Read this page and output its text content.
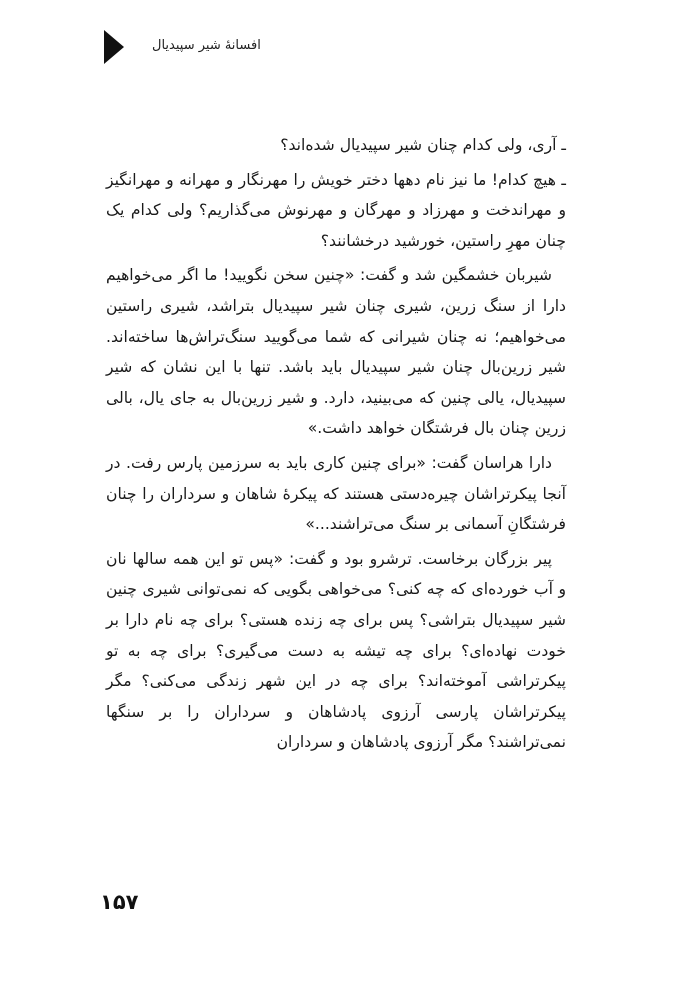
افسانهٔ شیر سپیدیال

ـ آری، ولی کدام چنان شیر سپیدیال شده‌اند؟

ـ هیچ کدام! ما نیز نام دهها دختر خویش را مهرنگار و مهرانه و مهرانگیز و مهراندخت و مهرزاد و مهرگان و مهرنوش می‌گذاریم؟ ولی کدام یک چنان مهرِ راستین، خورشید درخشانند؟

شیربان خشمگین شد و گفت: «چنین سخن نگویید! ما اگر می‌خواهیم دارا از سنگ زرین، شیری چنان شیر سپیدیال بتراشد، شیری راستین می‌خواهیم؛ نه چنان شیرانی که شما می‌گویید سنگ‌تراش‌ها ساخته‌اند. شیر زرین‌بال چنان شیر سپیدیال باید باشد. تنها با این نشان که شیر سپیدیال، یالی چنین که می‌بینید، دارد. و شیر زرین‌بال به جای یال، بالی زرین چنان بال فرشتگان خواهد داشت.»

دارا هراسان گفت: «برای چنین کاری باید به سرزمین پارس رفت. در آنجا پیکرتراشان چیره‌دستی هستند که پیکرهٔ شاهان و سرداران را چنان فرشتگانِ آسمانی بر سنگ می‌تراشند...»

پیر بزرگان برخاست. ترشرو بود و گفت: «پس تو این همه سالها نان و آب خورده‌ای که چه کنی؟ می‌خواهی بگویی که نمی‌توانی شیری چنین شیر سپیدیال بتراشی؟ پس برای چه زنده هستی؟ برای چه نام دارا بر خودت نهاده‌ای؟ برای چه تیشه به دست می‌گیری؟ برای چه به تو پیکرتراشی آموخته‌اند؟ برای چه در این شهر زندگی می‌کنی؟ مگر پیکرتراشان پارسی آرزوی پادشاهان و سرداران را بر سنگها نمی‌تراشند؟ مگر آرزوی پادشاهان و سرداران

۱۵۷
